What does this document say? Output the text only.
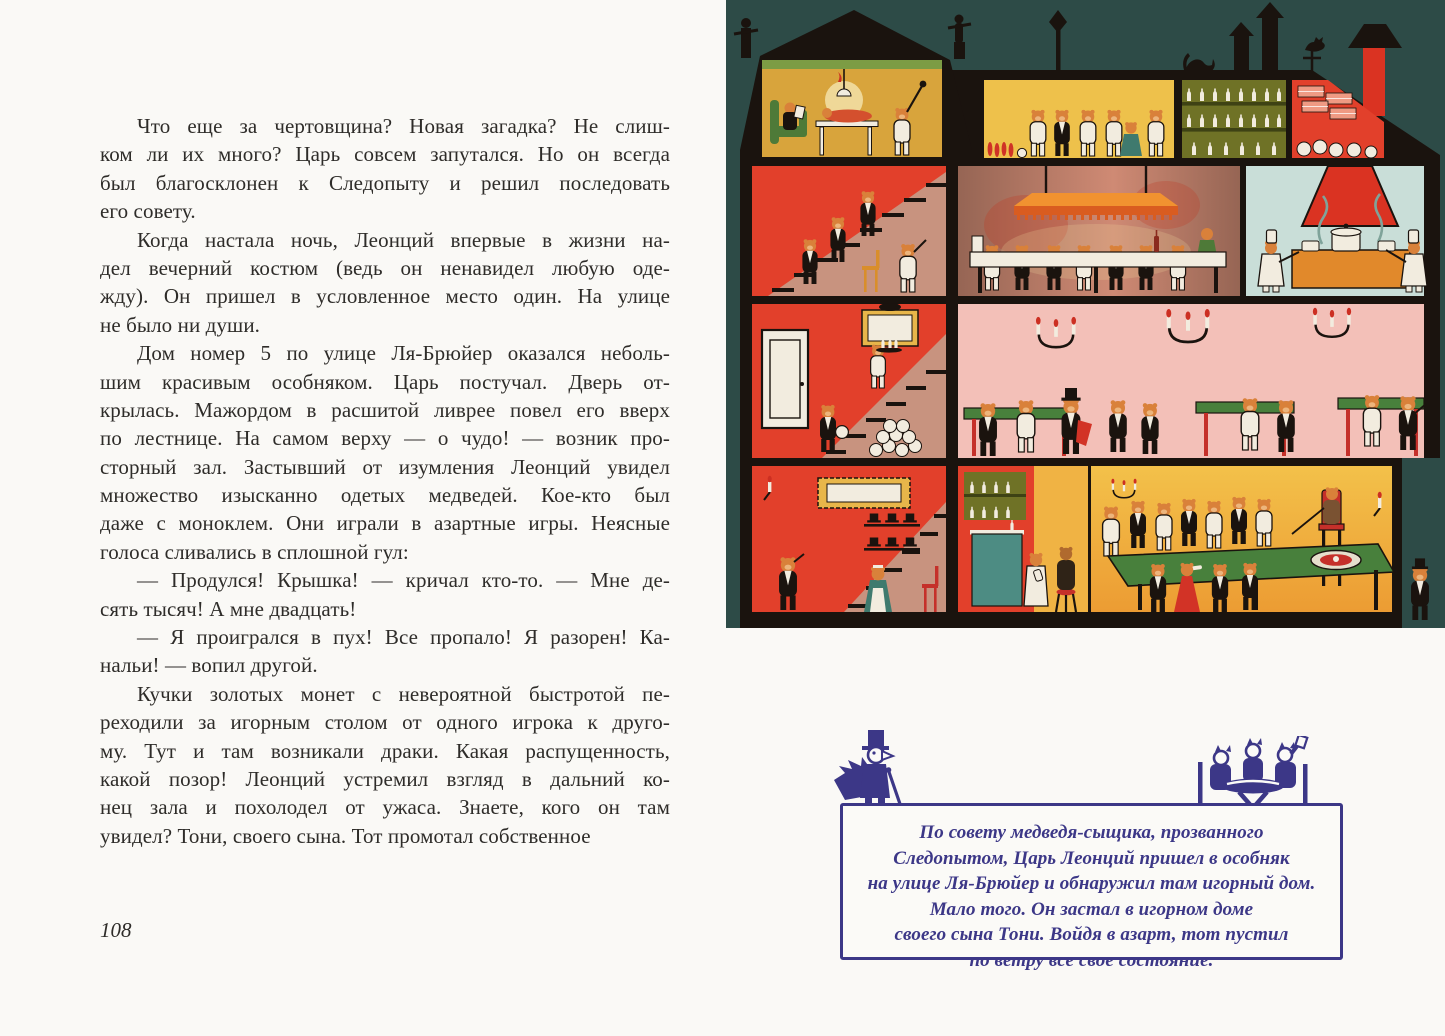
Что еще за чертовщина? Новая загадка? Не слиш-
ком ли их много? Царь совсем запутался. Но он всегда
был благосклонен к Следопыту и решил последовать
его совету.
Когда настала ночь, Леонций впервые в жизни на-
дел вечерний костюм (ведь он ненавидел любую оде-
жду). Он пришел в условленное место один. На улице
не было ни души.
Дом номер 5 по улице Ля-Брюйер оказался неболь-
шим красивым особняком. Царь постучал. Дверь от-
крылась. Мажордом в расшитой ливрее повел его вверх
по лестнице. На самом верху — о чудо! — возник про-
сторный зал. Застывший от изумления Леонций увидел
множество изысканно одетых медведей. Кое-кто был
даже с моноклем. Они играли в азартные игры. Неясные
голоса сливались в сплошной гул:
— Продулся! Крышка! — кричал кто-то. — Мне де-
сять тысяч! А мне двадцать!
— Я проигрался в пух! Все пропало! Я разорен! Ка-
нальи! — вопил другой.
Кучки золотых монет с невероятной быстротой пе-
реходили за игорным столом от одного игрока к друго-
му. Тут и там возникали драки. Какая распущенность,
какой позор! Леонций устремил взгляд в дальний ко-
нец зала и похолодел от ужаса. Знаете, кого он там
увидел? Тони, своего сына. Тот промотал собственное
108
По совету медведя-сыщика, прозванного
Следопытом, Царь Леонций пришел в особняк
на улице Ля-Брюйер и обнаружил там игорный дом.
Мало того. Он застал в игорном доме
своего сына Тони. Войдя в азарт, тот пустил
по ветру все свое состояние.
